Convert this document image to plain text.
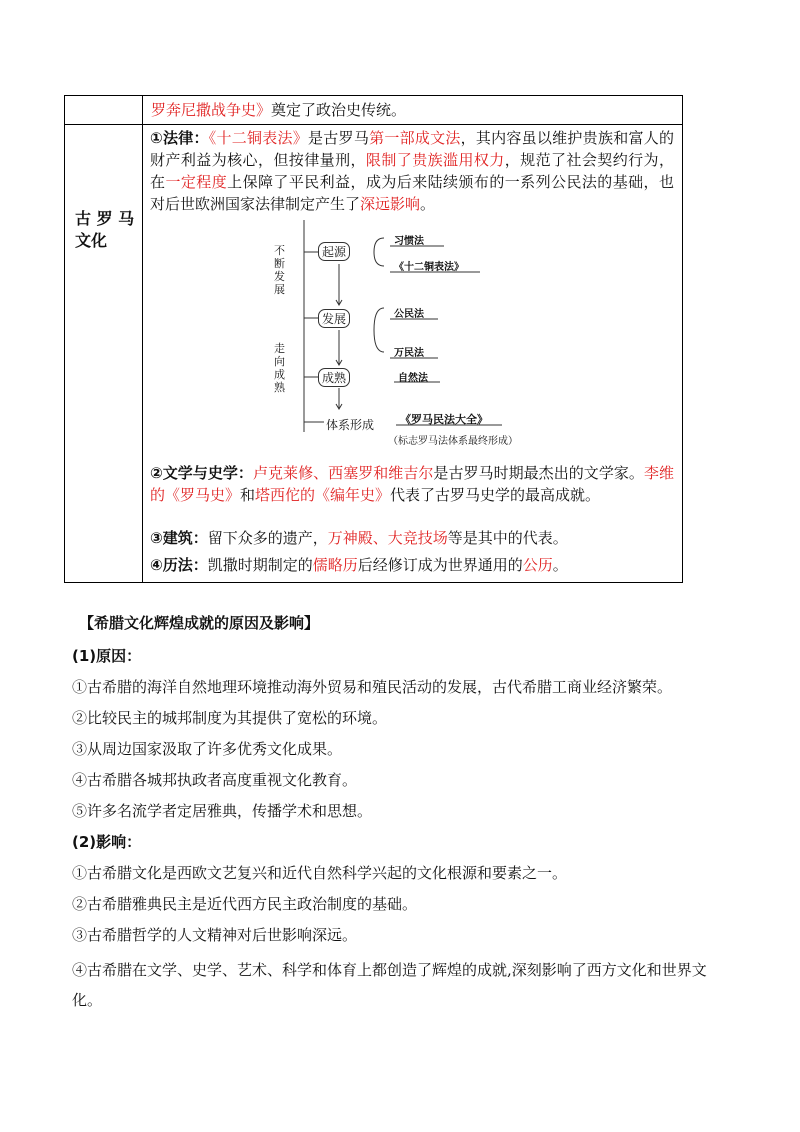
罗奔尼撒战争史》奠定了政治史传统。
古 罗 马 文化
①法律：《十二铜表法》是古罗马第一部成文法，其内容虽以维护贵族和富人的财产利益为核心，但按律量刑，限制了贵族滥用权力，规范了社会契约行为，在一定程度上保障了平民利益，成为后来陆续颁布的一系列公民法的基础，也对后世欧洲国家法律制定产生了深远影响。
②文学与史学：卢克莱修、西塞罗和维吉尔是古罗马时期最杰出的文学家。李维的《罗马史》和塔西佗的《编年史》代表了古罗马史学的最高成就。
③建筑：留下众多的遗产，万神殿、大竞技场等是其中的代表。
④历法：凯撒时期制定的儒略历后经修订成为世界通用的公历。
不断发展
走向成熟
起源
发展
成熟
体系形成
习惯法
《十二铜表法》
公民法
万民法
自然法
《罗马民法大全》
（标志罗马法体系最终形成）
【希腊文化辉煌成就的原因及影响】
(1)原因：
①古希腊的海洋自然地理环境推动海外贸易和殖民活动的发展，古代希腊工商业经济繁荣。
②比较民主的城邦制度为其提供了宽松的环境。
③从周边国家汲取了许多优秀文化成果。
④古希腊各城邦执政者高度重视文化教育。
⑤许多名流学者定居雅典，传播学术和思想。
(2)影响：
①古希腊文化是西欧文艺复兴和近代自然科学兴起的文化根源和要素之一。
②古希腊雅典民主是近代西方民主政治制度的基础。
③古希腊哲学的人文精神对后世影响深远。
④古希腊在文学、史学、艺术、科学和体育上都创造了辉煌的成就,深刻影响了西方文化和世界文化。
